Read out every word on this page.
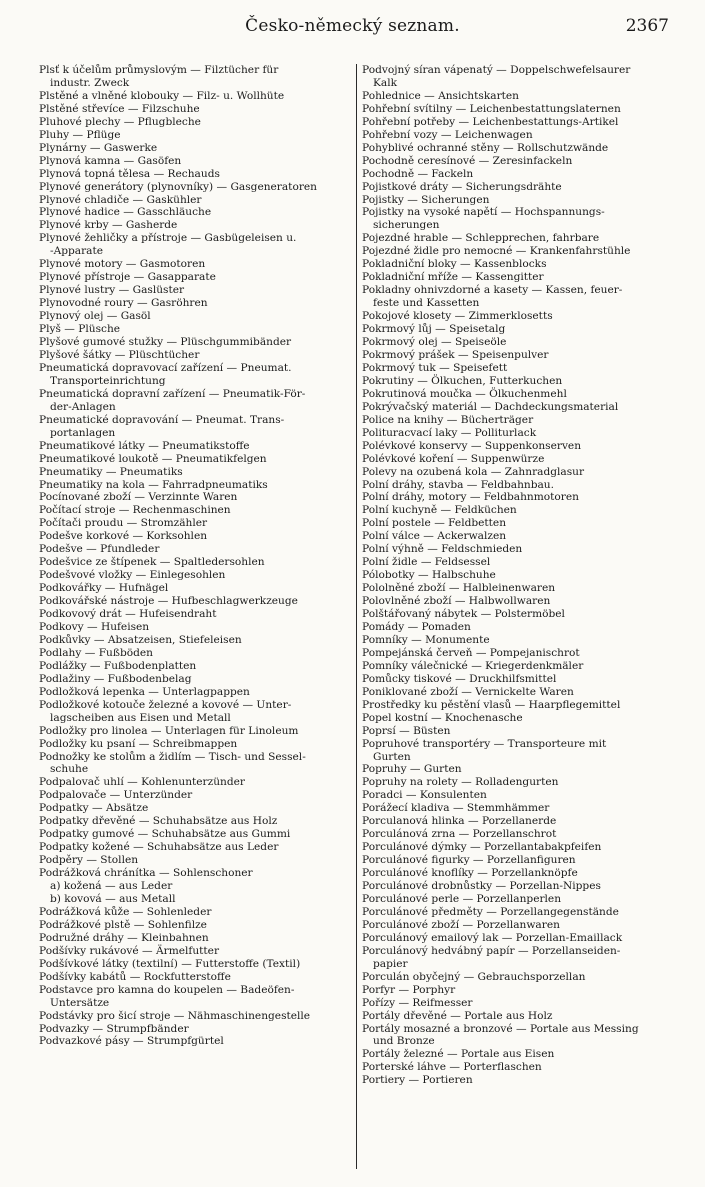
Česko-německý seznam.	2367
Plsť k účelům průmyslovým — Filztücher für
industr. Zweck
Plstěné a vlněné klobouky — Filz- u. Wollhüte
Plstěné střevíce — Filzschuhe
Pluhové plechy — Pflugbleche
Pluhy — Pflüge
Plynárny — Gaswerke
Plynová kamna — Gasöfen
Plynová topná tělesa — Rechauds
Plynové generátory (plynovníky) — Gasgeneratoren
Plynové chladiče — Gaskühler
Plynové hadice — Gasschläuche
Plynové krby — Gasherde
Plynové žehličky a přístroje — Gasbügeleisen u.
-Apparate
Plynové motory — Gasmotoren
Plynové přístroje — Gasapparate
Plynové lustry — Gaslüster
Plynovodné roury — Gasröhren
Plynový olej — Gasöl
Plyš — Plüsche
Plyšové gumové stužky — Plüschgummibänder
Plyšové šátky — Plüschtücher
Pneumatická dopravovací zařízení — Pneumat.
Transporteinrichtung
Pneumatická dopravní zařízení — Pneumatik-För-
der-Anlagen
Pneumatické dopravování — Pneumat. Trans-
portanlagen
Pneumatikové látky — Pneumatikstoffe
Pneumatikové loukotě — Pneumatikfelgen
Pneumatiky — Pneumatiks
Pneumatiky na kola — Fahrradpneumatiks
Pocínované zboží — Verzinnte Waren
Počítací stroje — Rechenmaschinen
Počítači proudu — Stromzähler
Podešve korkové — Korksohlen
Podešve — Pfundleder
Podešvice ze štípenek — Spaltledersohlen
Podešvové vložky — Einlegesohlen
Podkovářky — Hufnägel
Podkovářské nástroje — Hufbeschlagwerkzeuge
Podkovový drát — Hufeisendraht
Podkovy — Hufeisen
Podkůvky — Absatzeisen, Stiefeleisen
Podlahy — Fußböden
Podlážky — Fußbodenplatten
Podlažiny — Fußbodenbelag
Podložková lepenka — Unterlagpappen
Podložkové kotouče železné a kovové — Unter-
lagscheiben aus Eisen und Metall
Podložky pro linolea — Unterlagen für Linoleum
Podložky ku psaní — Schreibmappen
Podnožky ke stolům a židlím — Tisch- und Sessel-
schuhe
Podpalovač uhlí — Kohlenunterzünder
Podpalovače — Unterzünder
Podpatky — Absätze
Podpatky dřevěné — Schuhabsätze aus Holz
Podpatky gumové — Schuhabsätze aus Gummi
Podpatky kožené — Schuhabsätze aus Leder
Podpěry — Stollen
Podrážková chránítka — Sohlenschoner
a) kožená — aus Leder
b) kovová — aus Metall
Podrážková kůže — Sohlenleder
Podrážkové plstě — Sohlenfilze
Podružné dráhy — Kleinbahnen
Podšívky rukávové — Ärmelfutter
Podšívkové látky (textilní) — Futterstoffe (Textil)
Podšívky kabátů — Rockfutterstoffe
Podstavce pro kamna do koupelen — Badeöfen-
Untersätze
Podstávky pro šicí stroje — Nähmaschinengestelle
Podvazky — Strumpfbänder
Podvazkové pásy — Strumpfgürtel
Podvojný síran vápenatý — Doppelschwefelsaurer
Kalk
Pohlednice — Ansichtskarten
Pohřební svítilny — Leichenbestattungslaternen
Pohřební potřeby — Leichenbestattungs-Artikel
Pohřební vozy — Leichenwagen
Pohyblivé ochranné stěny — Rollschutzwände
Pochodně ceresínové — Zeresinfackeln
Pochodně — Fackeln
Pojistkové dráty — Sicherungsdrähte
Pojistky — Sicherungen
Pojistky na vysoké napětí — Hochspannungs-
sicherungen
Pojezdné hrable — Schlepprechen, fahrbare
Pojezdné židle pro nemocné — Krankenfahrstühle
Pokladniční bloky — Kassenblocks
Pokladniční mříže — Kassengitter
Pokladny ohnivzdorné a kasety — Kassen, feuer-
feste und Kassetten
Pokojové klosety — Zimmerklosetts
Pokrmový lůj — Speisetalg
Pokrmový olej — Speiseöle
Pokrmový prášek — Speisenpulver
Pokrmový tuk — Speisefett
Pokrutiny — Ölkuchen, Futterkuchen
Pokrutinová moučka — Ölkuchenmehl
Pokrývačský materiál — Dachdeckungsmaterial
Police na knihy — Bücherträger
Polituracvací laky — Polliturlack
Polévkové konservy — Suppenkonserven
Polévkové koření — Suppenwürze
Polevy na ozubená kola — Zahnradglasur
Polní dráhy, stavba — Feldbahnbau.
Polní dráhy, motory — Feldbahnmotoren
Polní kuchyně — Feldküchen
Polní postele — Feldbetten
Polní válce — Ackerwalzen
Polní výhně — Feldschmieden
Polní židle — Feldsessel
Pólobotky — Halbschuhe
Pololněné zboží — Halbleinenwaren
Polovlněné zboží — Halbwollwaren
Polštářovaný nábytek — Polstermöbel
Pomády — Pomaden
Pomníky — Monumente
Pompejánská červeň — Pompejanischrot
Pomníky válečnické — Kriegerdenkmäler
Pomůcky tiskové — Druckhilfsmittel
Poniklované zboží — Vernickelte Waren
Prostředky ku pěstění vlasů — Haarpflegemittel
Popel kostní — Knochenasche
Poprsí — Büsten
Popruhové transportéry — Transporteure mit
Gurten
Popruhy — Gurten
Popruhy na rolety — Rolladengurten
Poradci — Konsulenten
Porážecí kladiva — Stemmhämmer
Porculanová hlinka — Porzellanerde
Porculánová zrna — Porzellanschrot
Porculánové dýmky — Porzellantabakpfeifen
Porculánové figurky — Porzellanfiguren
Porculánové knoflíky — Porzellanknöpfe
Porculánové drobnůstky — Porzellan-Nippes
Porculánové perle — Porzellanperlen
Porculánové předměty — Porzellangegenstände
Porculánové zboží — Porzellanwaren
Porculánový emailový lak — Porzellan-Emaillack
Porculánový hedvábný papír — Porzellanseiden-
papier
Porculán obyčejný — Gebrauchsporzellan
Porfyr — Porphyr
Pořízy — Reifmesser
Portály dřevěné — Portale aus Holz
Portály mosazné a bronzové — Portale aus Messing
und Bronze
Portály železné — Portale aus Eisen
Porterské láhve — Porterflaschen
Portiery — Portieren
